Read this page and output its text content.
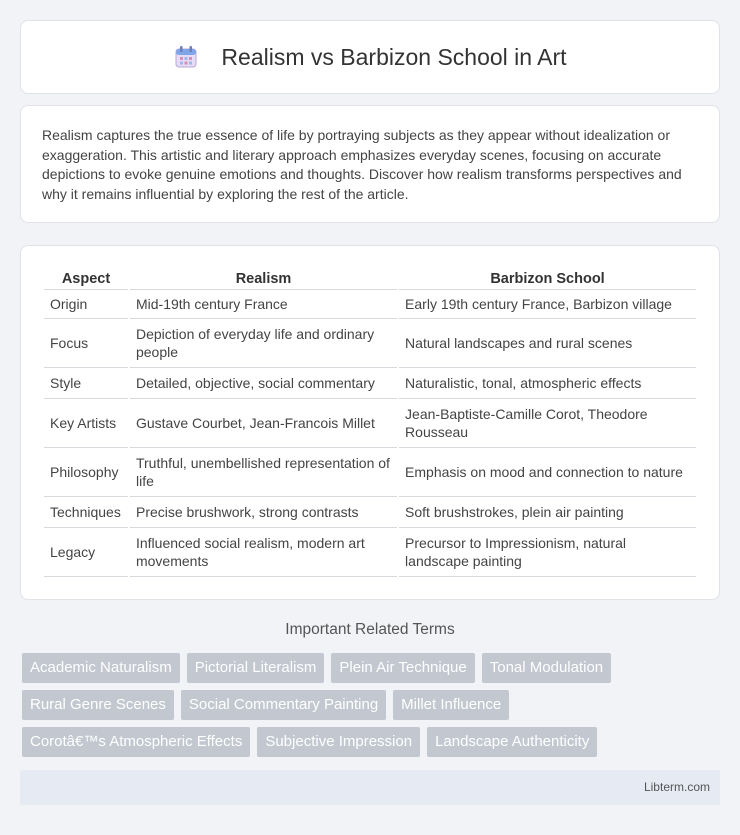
Realism vs Barbizon School in Art

Realism captures the true essence of life by portraying subjects as they appear without idealization or exaggeration. This artistic and literary approach emphasizes everyday scenes, focusing on accurate depictions to evoke genuine emotions and thoughts. Discover how realism transforms perspectives and why it remains influential by exploring the rest of the article.

Aspect	Realism	Barbizon School
Origin	Mid-19th century France	Early 19th century France, Barbizon village
Focus	Depiction of everyday life and ordinary people	Natural landscapes and rural scenes
Style	Detailed, objective, social commentary	Naturalistic, tonal, atmospheric effects
Key Artists	Gustave Courbet, Jean-Francois Millet	Jean-Baptiste-Camille Corot, Theodore Rousseau
Philosophy	Truthful, unembellished representation of life	Emphasis on mood and connection to nature
Techniques	Precise brushwork, strong contrasts	Soft brushstrokes, plein air painting
Legacy	Influenced social realism, modern art movements	Precursor to Impressionism, natural landscape painting
Important Related Terms
Academic Naturalism	Pictorial Literalism	Plein Air Technique	Tonal Modulation
Rural Genre Scenes	Social Commentary Painting	Millet Influence
Corotâ€™s Atmospheric Effects	Subjective Impression	Landscape Authenticity
Libterm.com
